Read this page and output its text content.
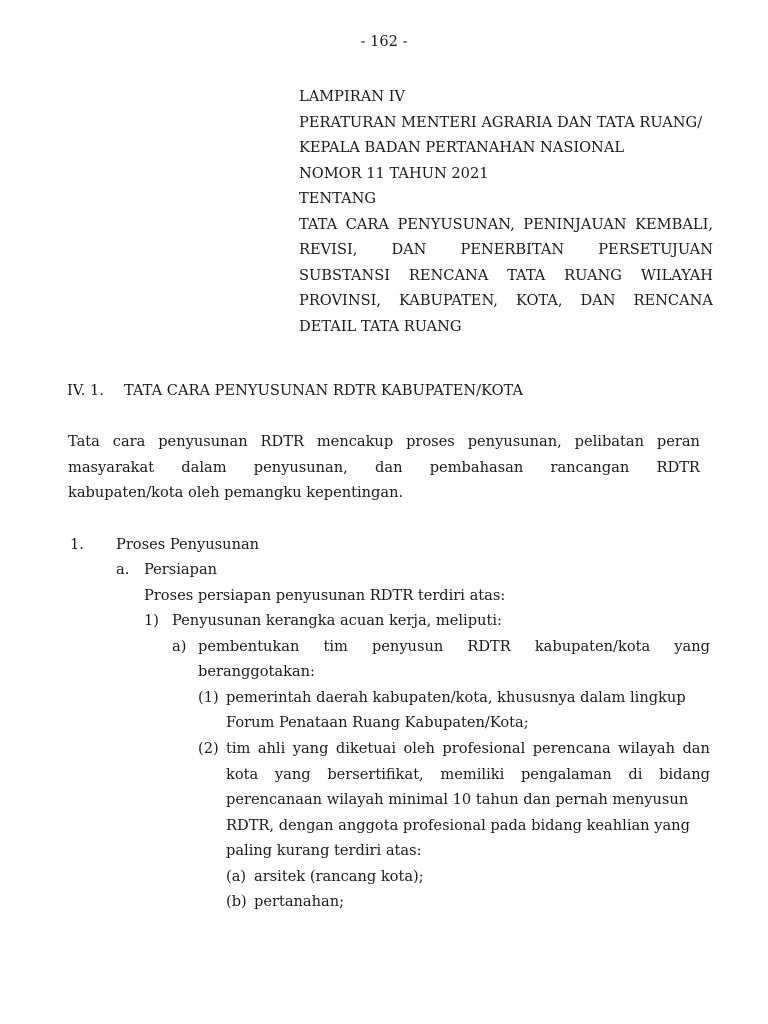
- 162 -
LAMPIRAN IV
PERATURAN MENTERI AGRARIA DAN TATA RUANG/
KEPALA BADAN PERTANAHAN NASIONAL
NOMOR 11 TAHUN 2021
TENTANG
TATA CARA PENYUSUNAN, PENINJAUAN KEMBALI,
REVISI, DAN PENERBITAN PERSETUJUAN
SUBSTANSI RENCANA TATA RUANG WILAYAH
PROVINSI, KABUPATEN, KOTA, DAN RENCANA
DETAIL TATA RUANG
IV. 1. TATA CARA PENYUSUNAN RDTR KABUPATEN/KOTA
Tata cara penyusunan RDTR mencakup proses penyusunan, pelibatan peran
masyarakat dalam penyusunan, dan pembahasan rancangan RDTR
kabupaten/kota oleh pemangku kepentingan.
1. Proses Penyusunan
a. Persiapan
Proses persiapan penyusunan RDTR terdiri atas:
1) Penyusunan kerangka acuan kerja, meliputi:
a) pembentukan tim penyusun RDTR kabupaten/kota yang
beranggotakan:
(1) pemerintah daerah kabupaten/kota, khususnya dalam lingkup
Forum Penataan Ruang Kabupaten/Kota;
(2) tim ahli yang diketuai oleh profesional perencana wilayah dan
kota yang bersertifikat, memiliki pengalaman di bidang
perencanaan wilayah minimal 10 tahun dan pernah menyusun
RDTR, dengan anggota profesional pada bidang keahlian yang
paling kurang terdiri atas:
(a) arsitek (rancang kota);
(b) pertanahan;
